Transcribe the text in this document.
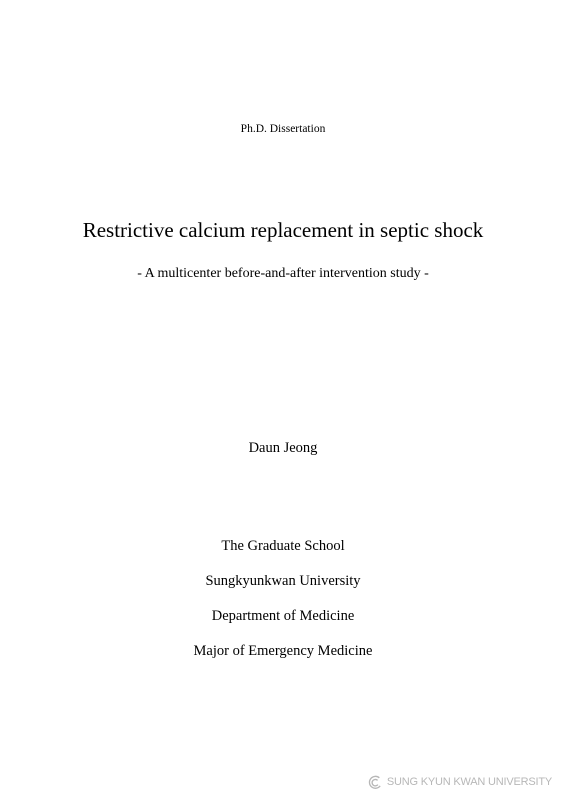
Ph.D. Dissertation
Restrictive calcium replacement in septic shock
- A multicenter before-and-after intervention study -
Daun Jeong
The Graduate School
Sungkyunkwan University
Department of Medicine
Major of Emergency Medicine
SUNG KYUN KWAN UNIVERSITY
